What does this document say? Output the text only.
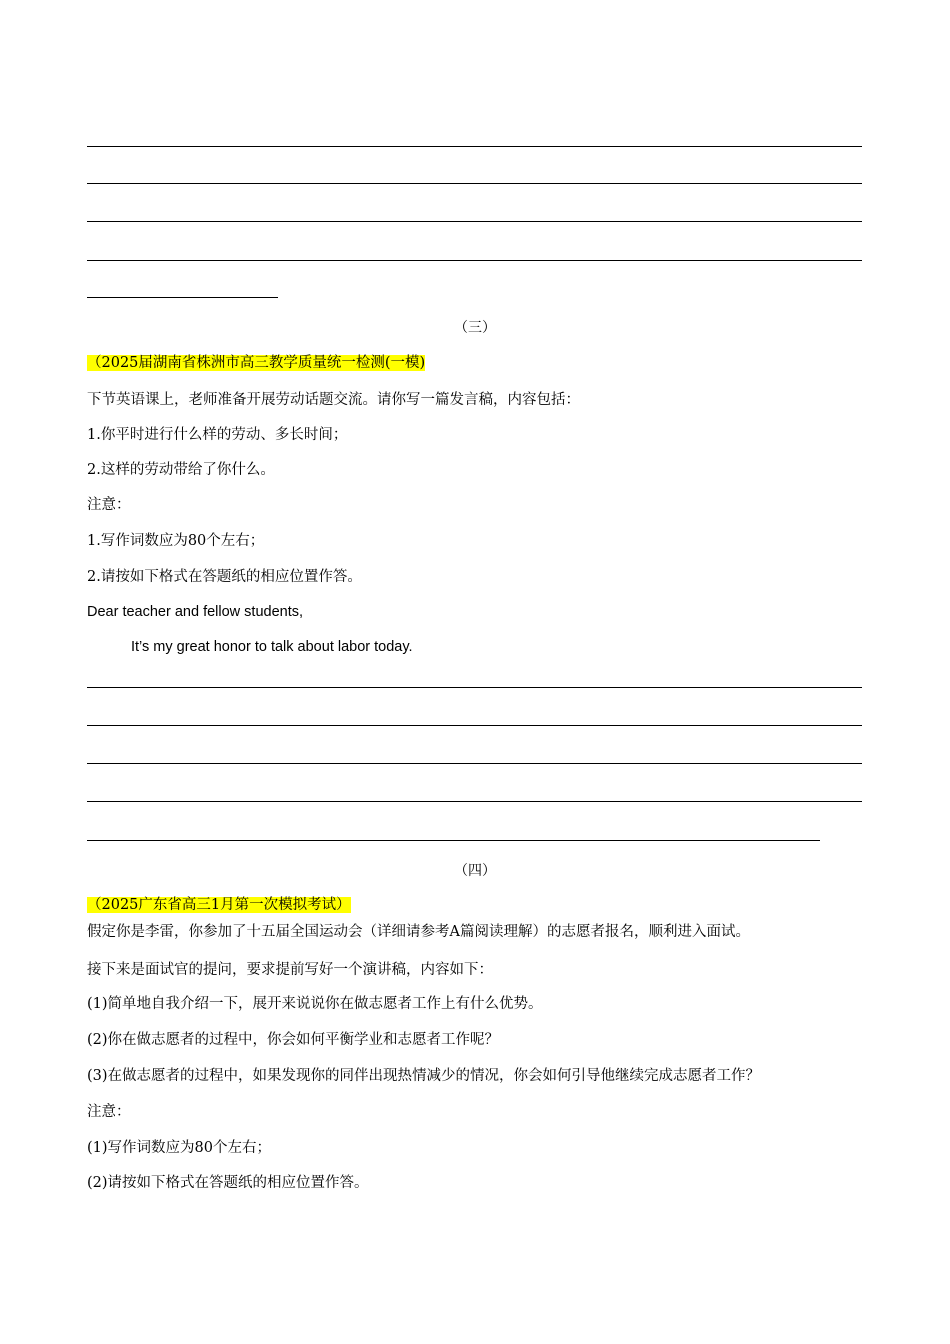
（三）
（2025届湖南省株洲市高三教学质量统一检测(一模)
下节英语课上，老师准备开展劳动话题交流。请你写一篇发言稿，内容包括：
1.你平时进行什么样的劳动、多长时间；
2.这样的劳动带给了你什么。
注意：
1.写作词数应为80个左右；
2.请按如下格式在答题纸的相应位置作答。
Dear teacher and fellow students,
It’s my great honor to talk about labor today.
（四）
（2025广东省高三1月第一次模拟考试）
假定你是李雷，你参加了十五届全国运动会（详细请参考A篇阅读理解）的志愿者报名，顺利进入面试。
接下来是面试官的提问，要求提前写好一个演讲稿，内容如下：
(1)简单地自我介绍一下，展开来说说你在做志愿者工作上有什么优势。
(2)你在做志愿者的过程中，你会如何平衡学业和志愿者工作呢？
(3)在做志愿者的过程中，如果发现你的同伴出现热情减少的情况，你会如何引导他继续完成志愿者工作？
注意：
(1)写作词数应为80个左右；
(2)请按如下格式在答题纸的相应位置作答。
